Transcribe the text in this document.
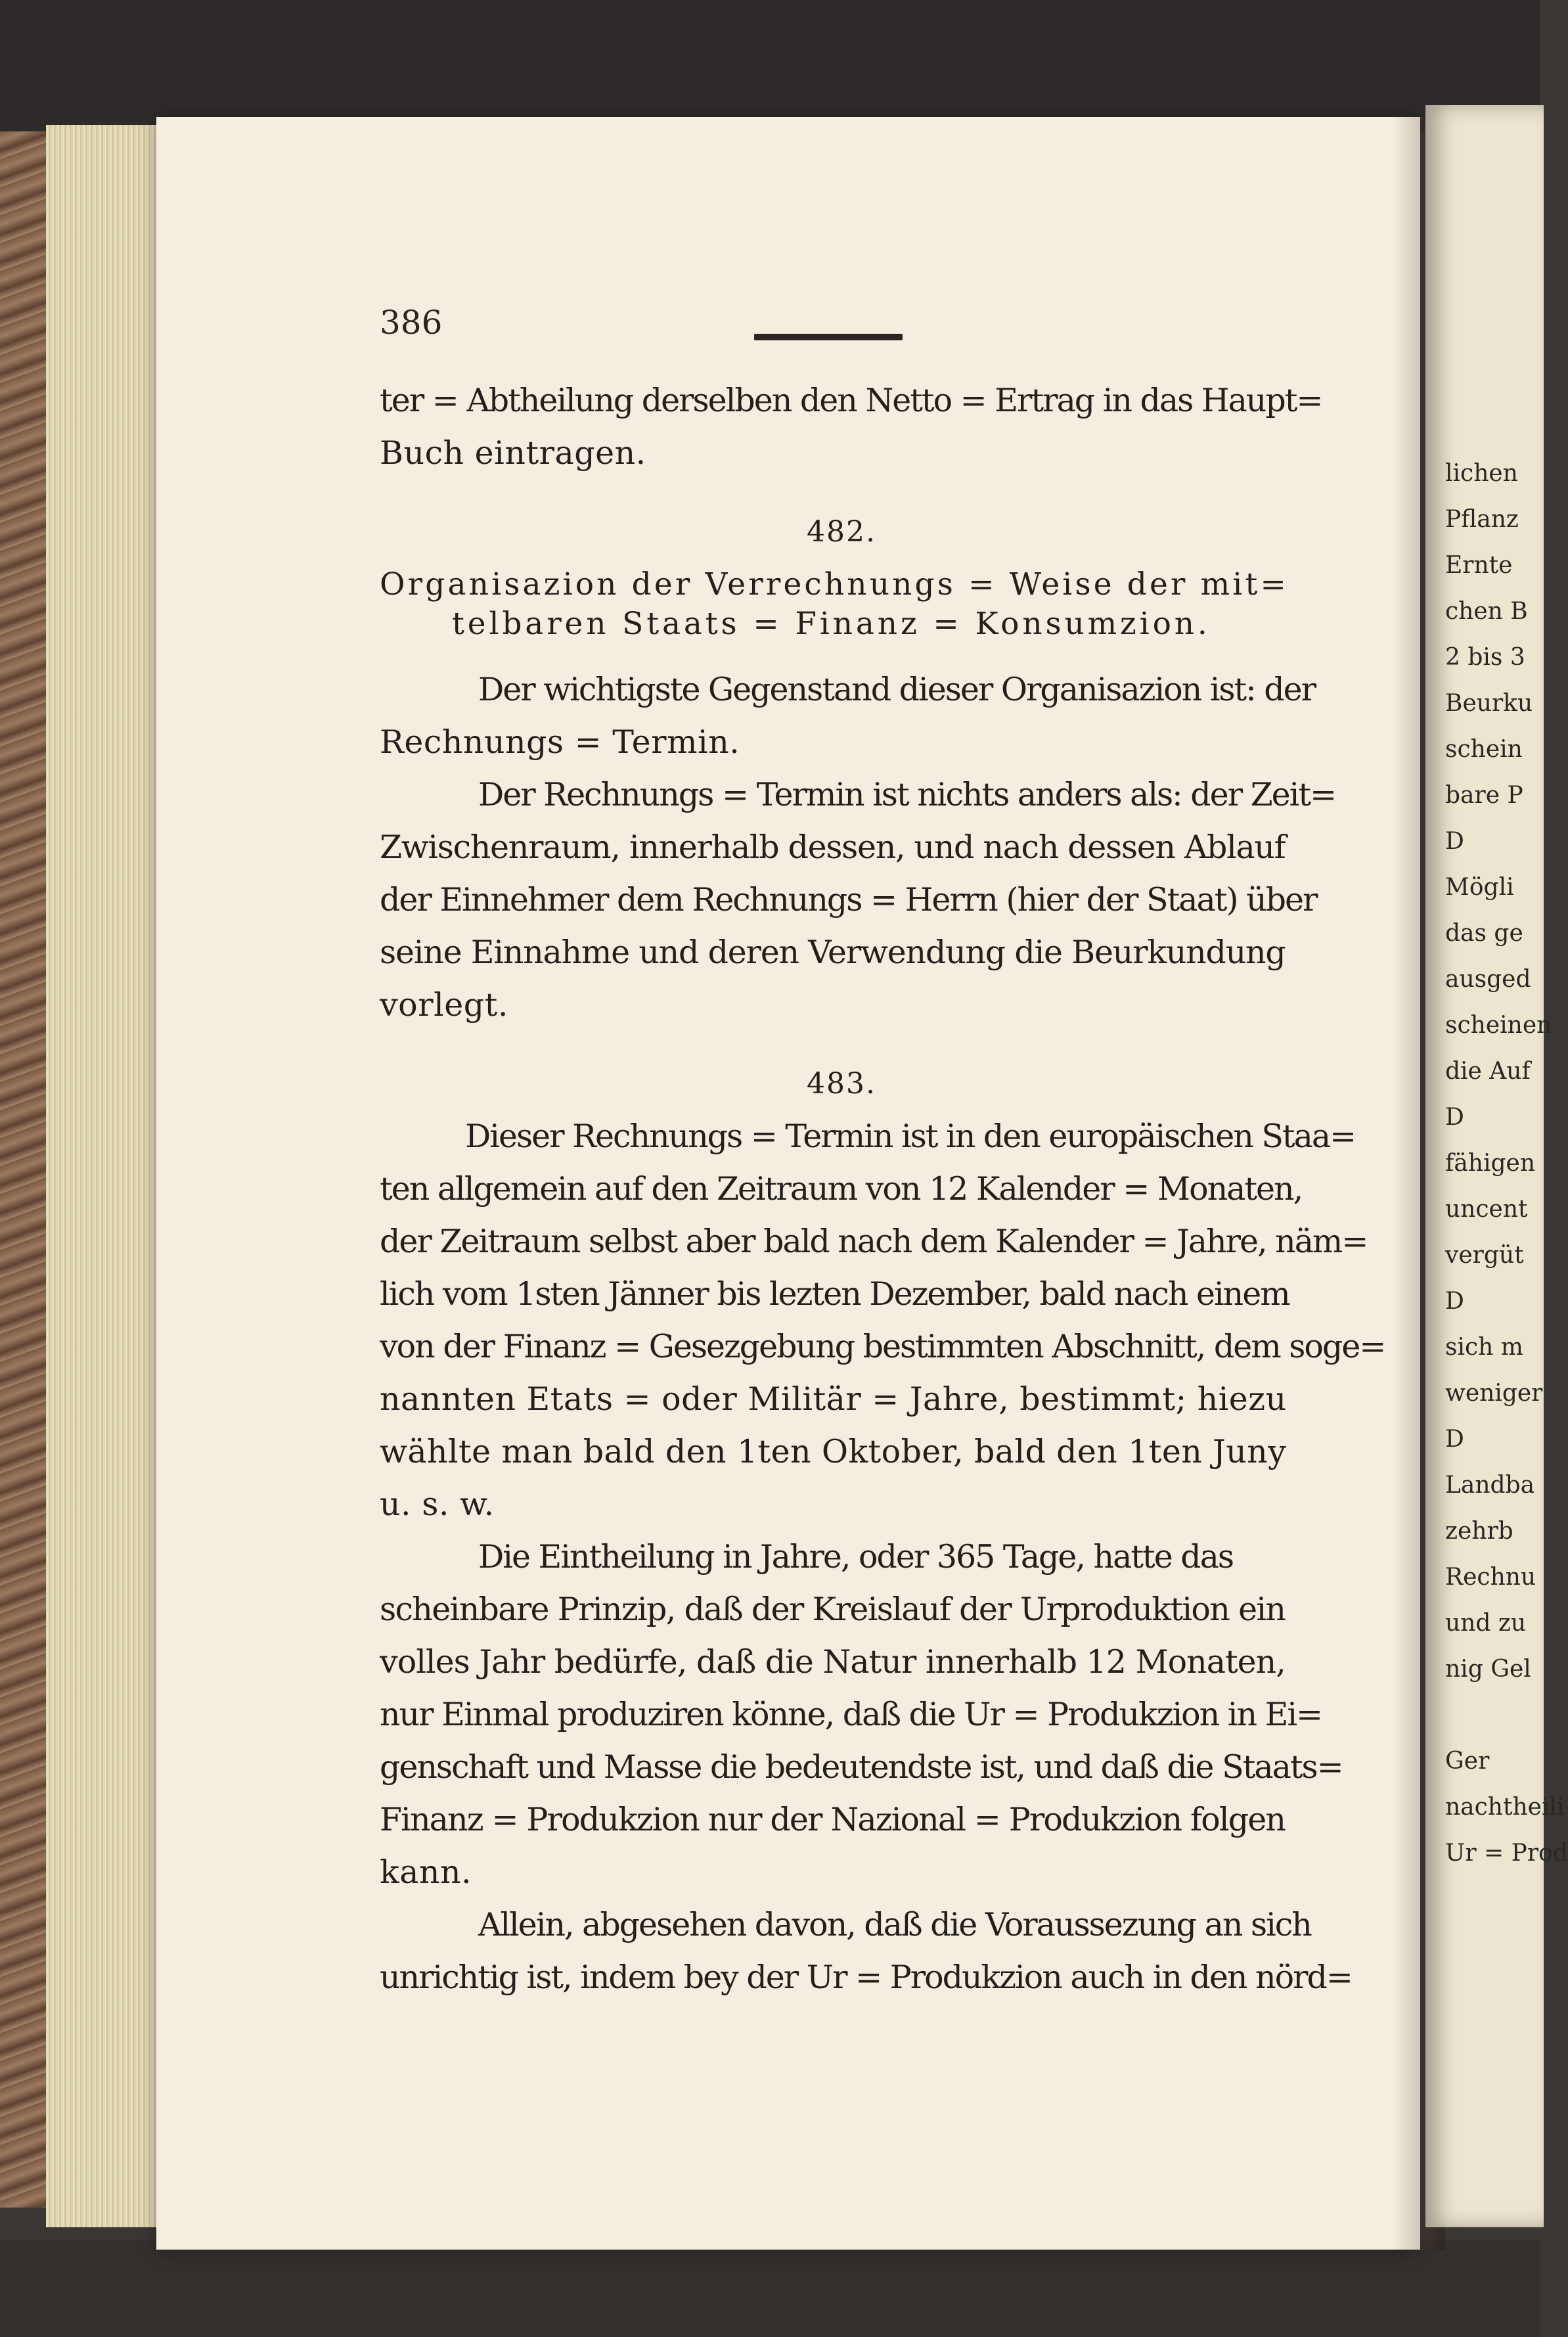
lichen
Pflanz
Ernte
chen B
2 bis 3
Beurku
schein
bare P
D
Mögli
das ge
ausged
scheinen
die Auf
D
fähigen
uncent
vergüt
D
sich m
weniger
D
Landba
zehrb
Rechnu
und zu
nig Gel
Ger
nachtheili
Ur = Prod
386
ter = Abtheilung derselben den Netto = Ertrag in das Haupt=
Buch eintragen.
482.
Organisazion der Verrechnungs = Weise der mit=
telbaren Staats = Finanz = Konsumzion.
Der wichtigste Gegenstand dieser Organisazion ist: der
Rechnungs = Termin.
Der Rechnungs = Termin ist nichts anders als: der Zeit=
Zwischenraum, innerhalb dessen, und nach dessen Ablauf
der Einnehmer dem Rechnungs = Herrn (hier der Staat) über
seine Einnahme und deren Verwendung die Beurkundung
vorlegt.
483.
Dieser Rechnungs = Termin ist in den europäischen Staa=
ten allgemein auf den Zeitraum von 12 Kalender = Monaten,
der Zeitraum selbst aber bald nach dem Kalender = Jahre, näm=
lich vom 1sten Jänner bis lezten Dezember, bald nach einem
von der Finanz = Gesezgebung bestimmten Abschnitt, dem soge=
nannten Etats = oder Militär = Jahre, bestimmt; hiezu
wählte man bald den 1ten Oktober, bald den 1ten Juny
u. s. w.
Die Eintheilung in Jahre, oder 365 Tage, hatte das
scheinbare Prinzip, daß der Kreislauf der Urproduktion ein
volles Jahr bedürfe, daß die Natur innerhalb 12 Monaten,
nur Einmal produziren könne, daß die Ur = Produkzion in Ei=
genschaft und Masse die bedeutendste ist, und daß die Staats=
Finanz = Produkzion nur der Nazional = Produkzion folgen
kann.
Allein, abgesehen davon, daß die Voraussezung an sich
unrichtig ist, indem bey der Ur = Produkzion auch in den nörd=
